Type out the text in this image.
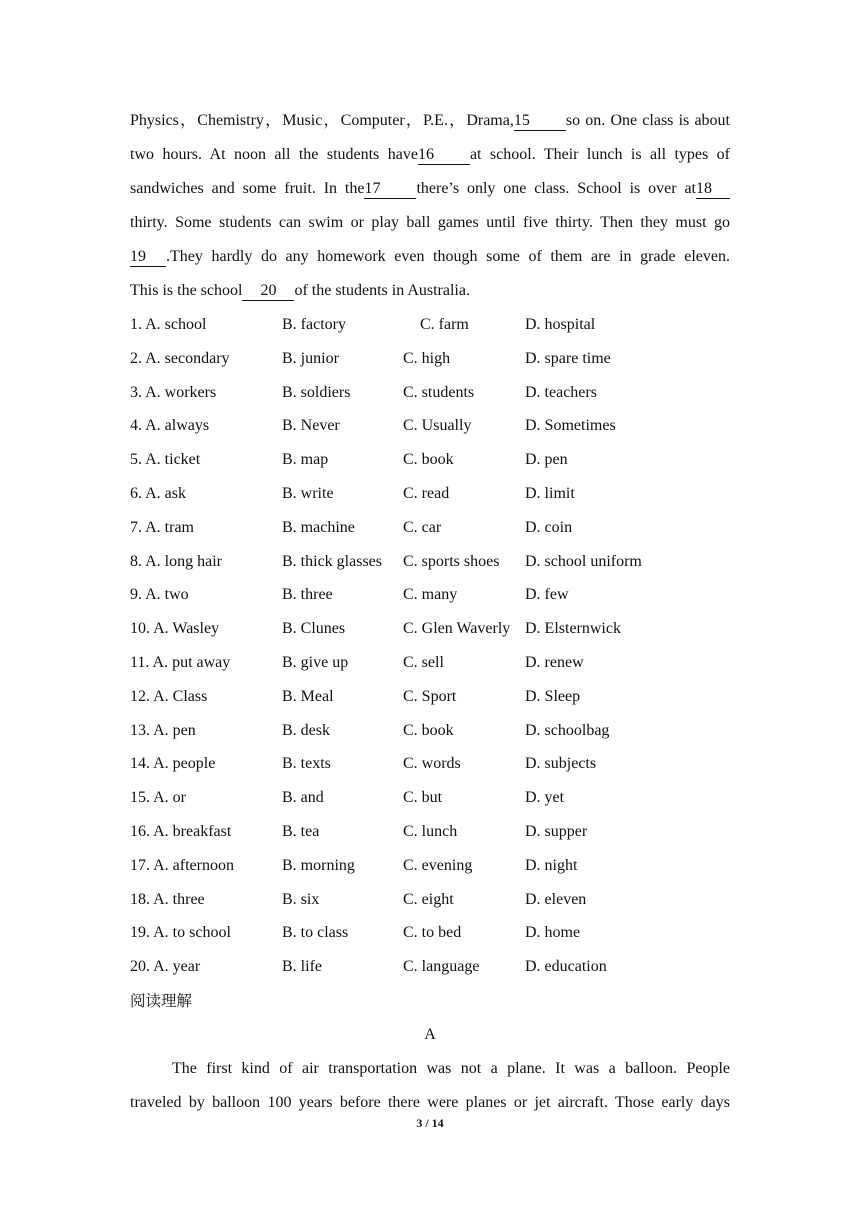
Physics，Chemistry，Music，Computer，P.E.，Drama,15 so on. One class is about
two hours. At noon all the students have16 at school. Their lunch is all types of
sandwiches and some fruit. In the17 there’s only one class. School is over at18
thirty. Some students can swim or play ball games until five thirty. Then they must go
19 .They hardly do any homework even though some of them are in grade eleven.
This is the school 20 of the students in Australia.
1. A. school	B. factory	C. farm	D. hospital
2. A. secondary	B. junior	C. high	D. spare time
3. A. workers	B. soldiers	C. students	D. teachers
4. A. always	B. Never	C. Usually	D. Sometimes
5. A. ticket	B. map	C. book	D. pen
6. A. ask	B. write	C. read	D. limit
7. A. tram	B. machine	C. car	D. coin
8. A. long hair	B. thick glasses	C. sports shoes	D. school uniform
9. A. two	B. three	C. many	D. few
10. A. Wasley	B. Clunes	C. Glen Waverly D. Elsternwick
11. A. put away	B. give up	C. sell	D. renew
12. A. Class	B. Meal	C. Sport	D. Sleep
13. A. pen	B. desk	C. book	D. schoolbag
14. A. people	B. texts	C. words	D. subjects
15. A. or	B. and	C. but	D. yet
16. A. breakfast	B. tea	C. lunch	D. supper
17. A. afternoon	B. morning	C. evening	D. night
18. A. three	B. six	C. eight	D. eleven
19. A. to school	B. to class	C. to bed	D. home
20. A. year	B. life	C. language	D. education
阅读理解
A
The first kind of air transportation was not a plane. It was a balloon. People
traveled by balloon 100 years before there were planes or jet aircraft. Those early days
3 / 14
